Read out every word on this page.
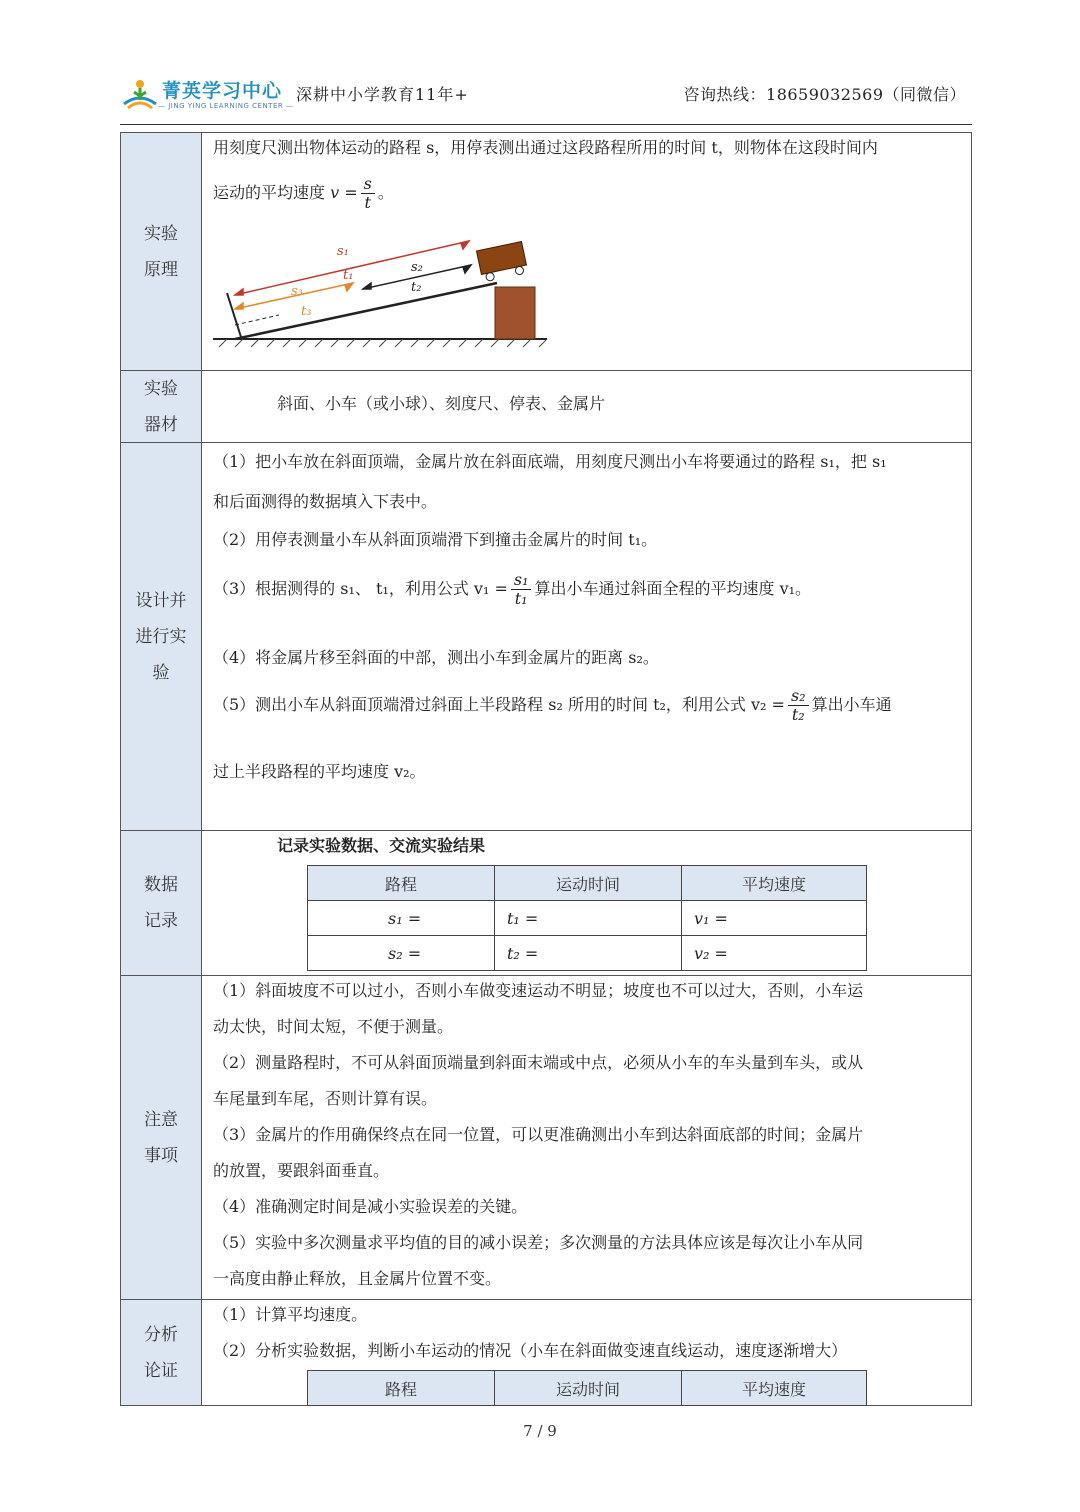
菁英学习中心
— JING YING LEARNING CENTER —
深耕中小学教育11年+	咨询热线：18659032569（同微信）
实验
原理
用刻度尺测出物体运动的路程 s，用停表测出通过这段路程所用的时间 t，则物体在这段时间内
运动的平均速度 $v = \frac{s}{t}$ 。
s₁
t₁
s₂
t₂
s₃
t₃
实验
器材
斜面、小车（或小球）、刻度尺、停表、金属片
设计并
进行实
验
（1）把小车放在斜面顶端，金属片放在斜面底端，用刻度尺测出小车将要通过的路程 s₁，把 s₁
和后面测得的数据填入下表中。
（2）用停表测量小车从斜面顶端滑下到撞击金属片的时间 t₁。
（3）根据测得的 s₁、 t₁，利用公式 $v_1 = \frac{\text{s₁}}{\text{t₁}}$ 算出小车通过斜面全程的平均速度 v₁。
（4）将金属片移至斜面的中部，测出小车到金属片的距离 s₂。
（5）测出小车从斜面顶端滑过斜面上半段路程 s₂ 所用的时间 t₂，利用公式 $v_2 = \frac{\text{s₂}}{\text{t₂}}$ 算出小车通
过上半段路程的平均速度 v₂。
数据
记录
记录实验数据、交流实验结果
路程	运动时间	平均速度
s₁ =	t₁ =	v₁ =
s₂ =	t₂ =	v₂ =
注意
事项
（1）斜面坡度不可以过小，否则小车做变速运动不明显；坡度也不可以过大，否则，小车运
动太快，时间太短，不便于测量。
（2）测量路程时，不可从斜面顶端量到斜面末端或中点，必须从小车的车头量到车头，或从
车尾量到车尾，否则计算有误。
（3）金属片的作用确保终点在同一位置，可以更准确测出小车到达斜面底部的时间；金属片
的放置，要跟斜面垂直。
（4）准确测定时间是减小实验误差的关键。
（5）实验中多次测量求平均值的目的减小误差；多次测量的方法具体应该是每次让小车从同
一高度由静止释放，且金属片位置不变。
分析
论证
（1）计算平均速度。
（2）分析实验数据，判断小车运动的情况（小车在斜面做变速直线运动，速度逐渐增大）
路程	运动时间	平均速度
7 / 9
